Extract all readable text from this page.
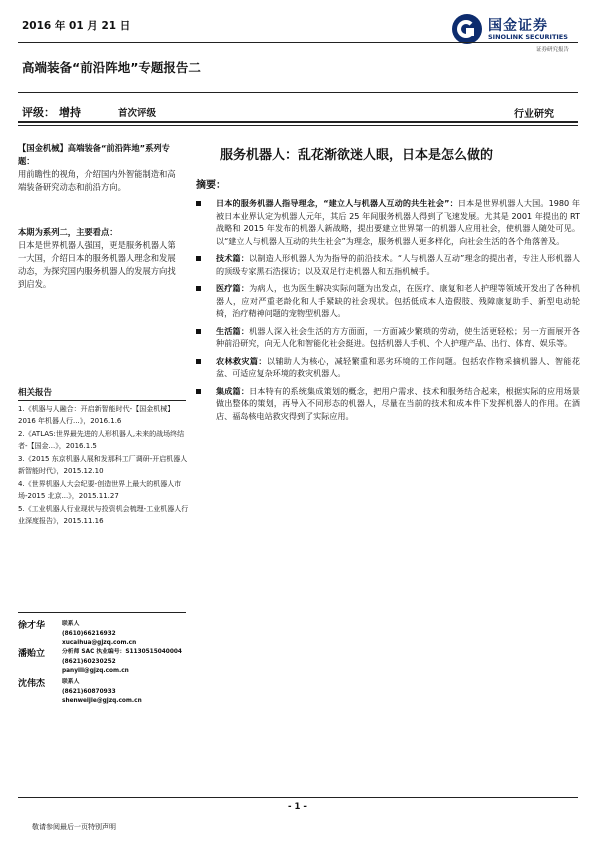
2016 年 01 月 21 日	国金证券
SINOLINK SECURITIES
证券研究报告
高端装备“前沿阵地”专题报告二
评级： 增持	首次评级	行业研究
【国金机械】高端装备“前沿阵地”系列专题：
用前瞻性的视角，介绍国内外智能制造和高端装备研究动态和前沿方向。
本期为系列二，主要看点：
日本是世界机器人强国，更是服务机器人第一大国，介绍日本的服务机器人理念和发展动态，为探究国内服务机器人的发展方向找到启发。
相关报告
1.《机器与人融合：开启新智能时代-【国金机械】2016 年机器人行...》，2016.1.6
2.《ATLAS:世界最先进的人形机器人,未来的战场终结者-【国金...》，2016.1.5
3.《2015 东京机器人展和发那科工厂调研-开启机器人新智能时代》，2015.12.10
4.《世界机器人大会纪要-创造世界上最大的机器人市场-2015 北京...》，2015.11.27
5.《工业机器人行业现状与投资机会梳理-工业机器人行业深度报告》，2015.11.16
徐才华	联系人
(8610)66216932
xucaihua@gjzq.com.cn
潘贻立	分析师 SAC 执业编号：S1130515040004
(8621)60230252
panyili@gjzq.com.cn
沈伟杰	联系人
(8621)60870933
shenweijie@gjzq.com.cn
服务机器人：乱花渐欲迷人眼，日本是怎么做的
摘要：
日本的服务机器人指导理念，“建立人与机器人互动的共生社会”：日本是世界机器人大国。1980 年被日本业界认定为机器人元年，其后 25 年间服务机器人得到了飞速发展。尤其是 2001 年提出的 RT 战略和 2015 年发布的机器人新战略，提出要建立世界第一的机器人应用社会，使机器人随处可见。以“建立人与机器人互动的共生社会”为理念，服务机器人更多样化，向社会生活的各个角落普及。
技术篇：以制造人形机器人为为指导的前沿技术。“人与机器人互动”理念的提出者，专注人形机器人的顶级专家黑石浩探访；以及双足行走机器人和五指机械手。
医疗篇：为病人，也为医生解决实际问题为出发点，在医疗、康复和老人护理等领域开发出了各种机器人，应对严重老龄化和人手紧缺的社会现状。包括低成本人造假肢、残障康复助手、新型电动轮椅，治疗精神问题的宠物型机器人。
生活篇：机器人深入社会生活的方方面面，一方面减少繁琐的劳动，使生活更轻松；另一方面展开各种前沿研究，向无人化和智能化社会挺进。包括机器人手机、个人护理产品、出行、体育、娱乐等。
农林救灾篇：以辅助人为核心，减轻繁重和恶劣环境的工作问题。包括农作物采摘机器人、智能花盆、可适应复杂环境的救灾机器人。
集成篇：日本特有的系统集成策划的概念，把用户需求、技术和服务结合起来，根据实际的应用场景做出整体的策划，再导入不同形态的机器人，尽量在当前的技术和成本件下发挥机器人的作用。在酒店、福岛核电站救灾得到了实际应用。
- 1 -
敬请参阅最后一页特别声明
